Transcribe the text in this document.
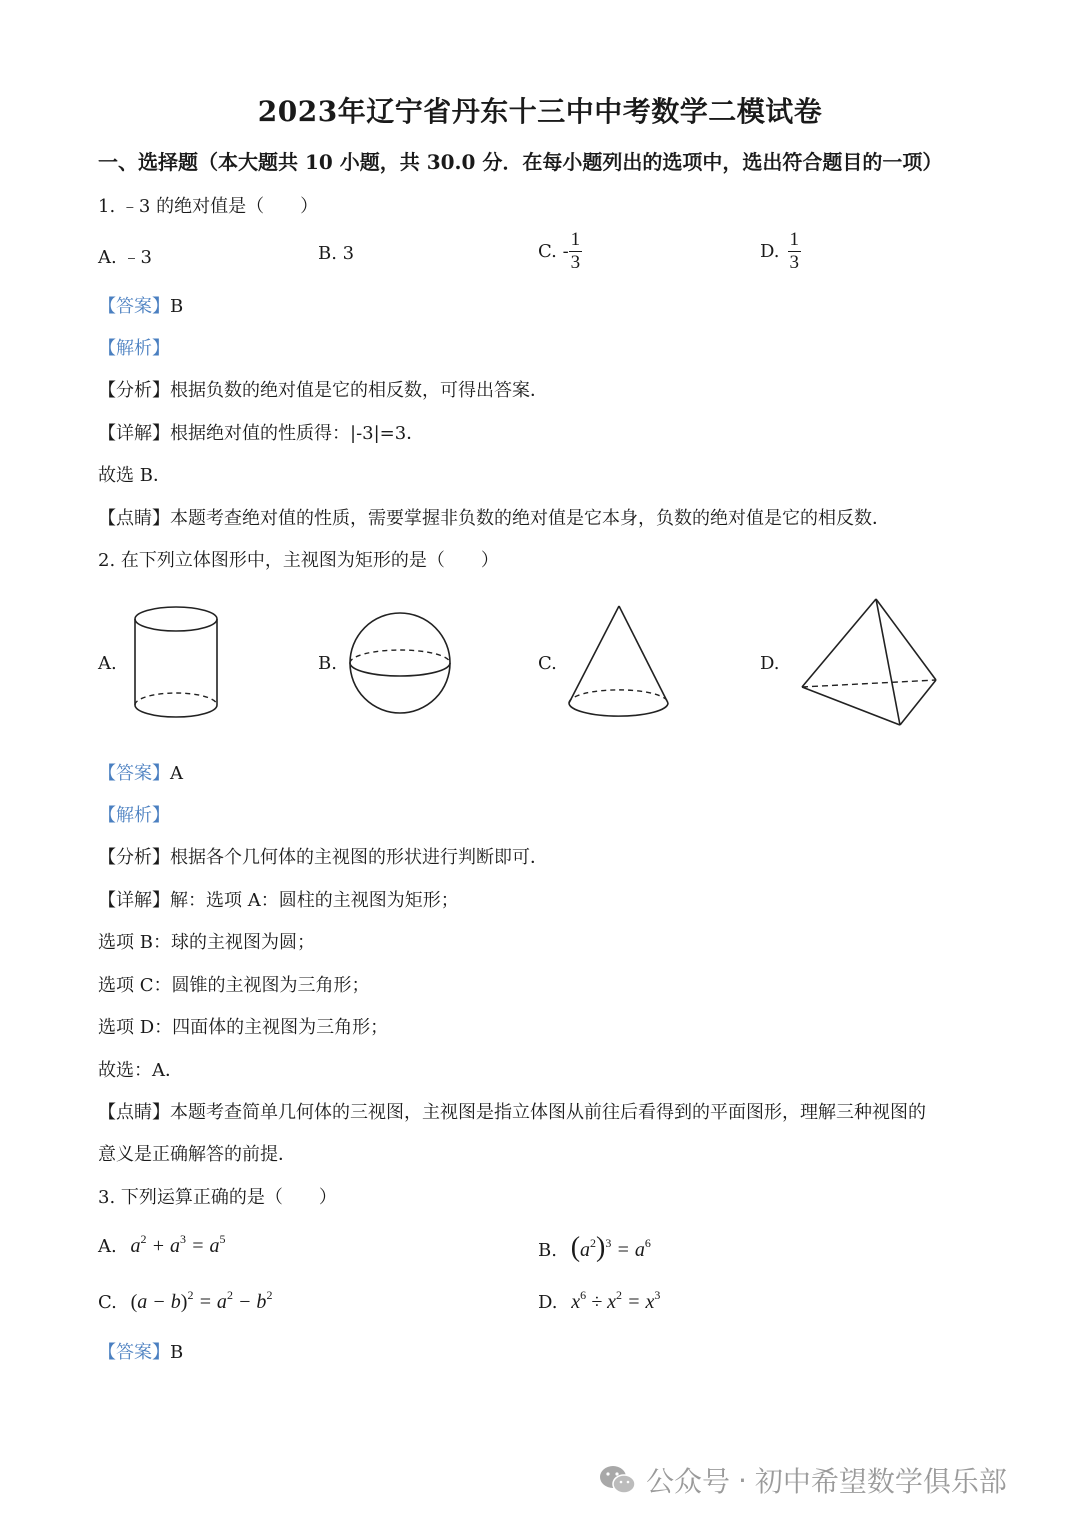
2023年辽宁省丹东十三中中考数学二模试卷
一、选择题（本大题共 10 小题，共 30.0 分．在每小题列出的选项中，选出符合题目的一项）
1. ﹣3 的绝对值是（　　）
A. ﹣3	B. 3	C. - $\frac{1}{3}$	D. $\frac{1}{3}$
【答案】B
【解析】
【分析】根据负数的绝对值是它的相反数，可得出答案．
【详解】根据绝对值的性质得：|-3|=3．
故选 B．
【点睛】本题考查绝对值的性质，需要掌握非负数的绝对值是它本身，负数的绝对值是它的相反数．
2. 在下列立体图形中，主视图为矩形的是（　　）
A.	B.	C.	D.
【答案】A
【解析】
【分析】根据各个几何体的主视图的形状进行判断即可．
【详解】解：选项 A：圆柱的主视图为矩形；
选项 B：球的主视图为圆；
选项 C：圆锥的主视图为三角形；
选项 D：四面体的主视图为三角形；
故选：A．
【点睛】本题考查简单几何体的三视图，主视图是指立体图从前往后看得到的平面图形，理解三种视图的
意义是正确解答的前提．
3. 下列运算正确的是（　　）
A. $a^2 + a^3 = a^5$
B. $(a^2)^3 = a^6$
C. $(a - b)^2 = a^2 - b^2$	D. $x^6 \div x^2 = x^3$
【答案】B
公众号 · 初中希望数学俱乐部
